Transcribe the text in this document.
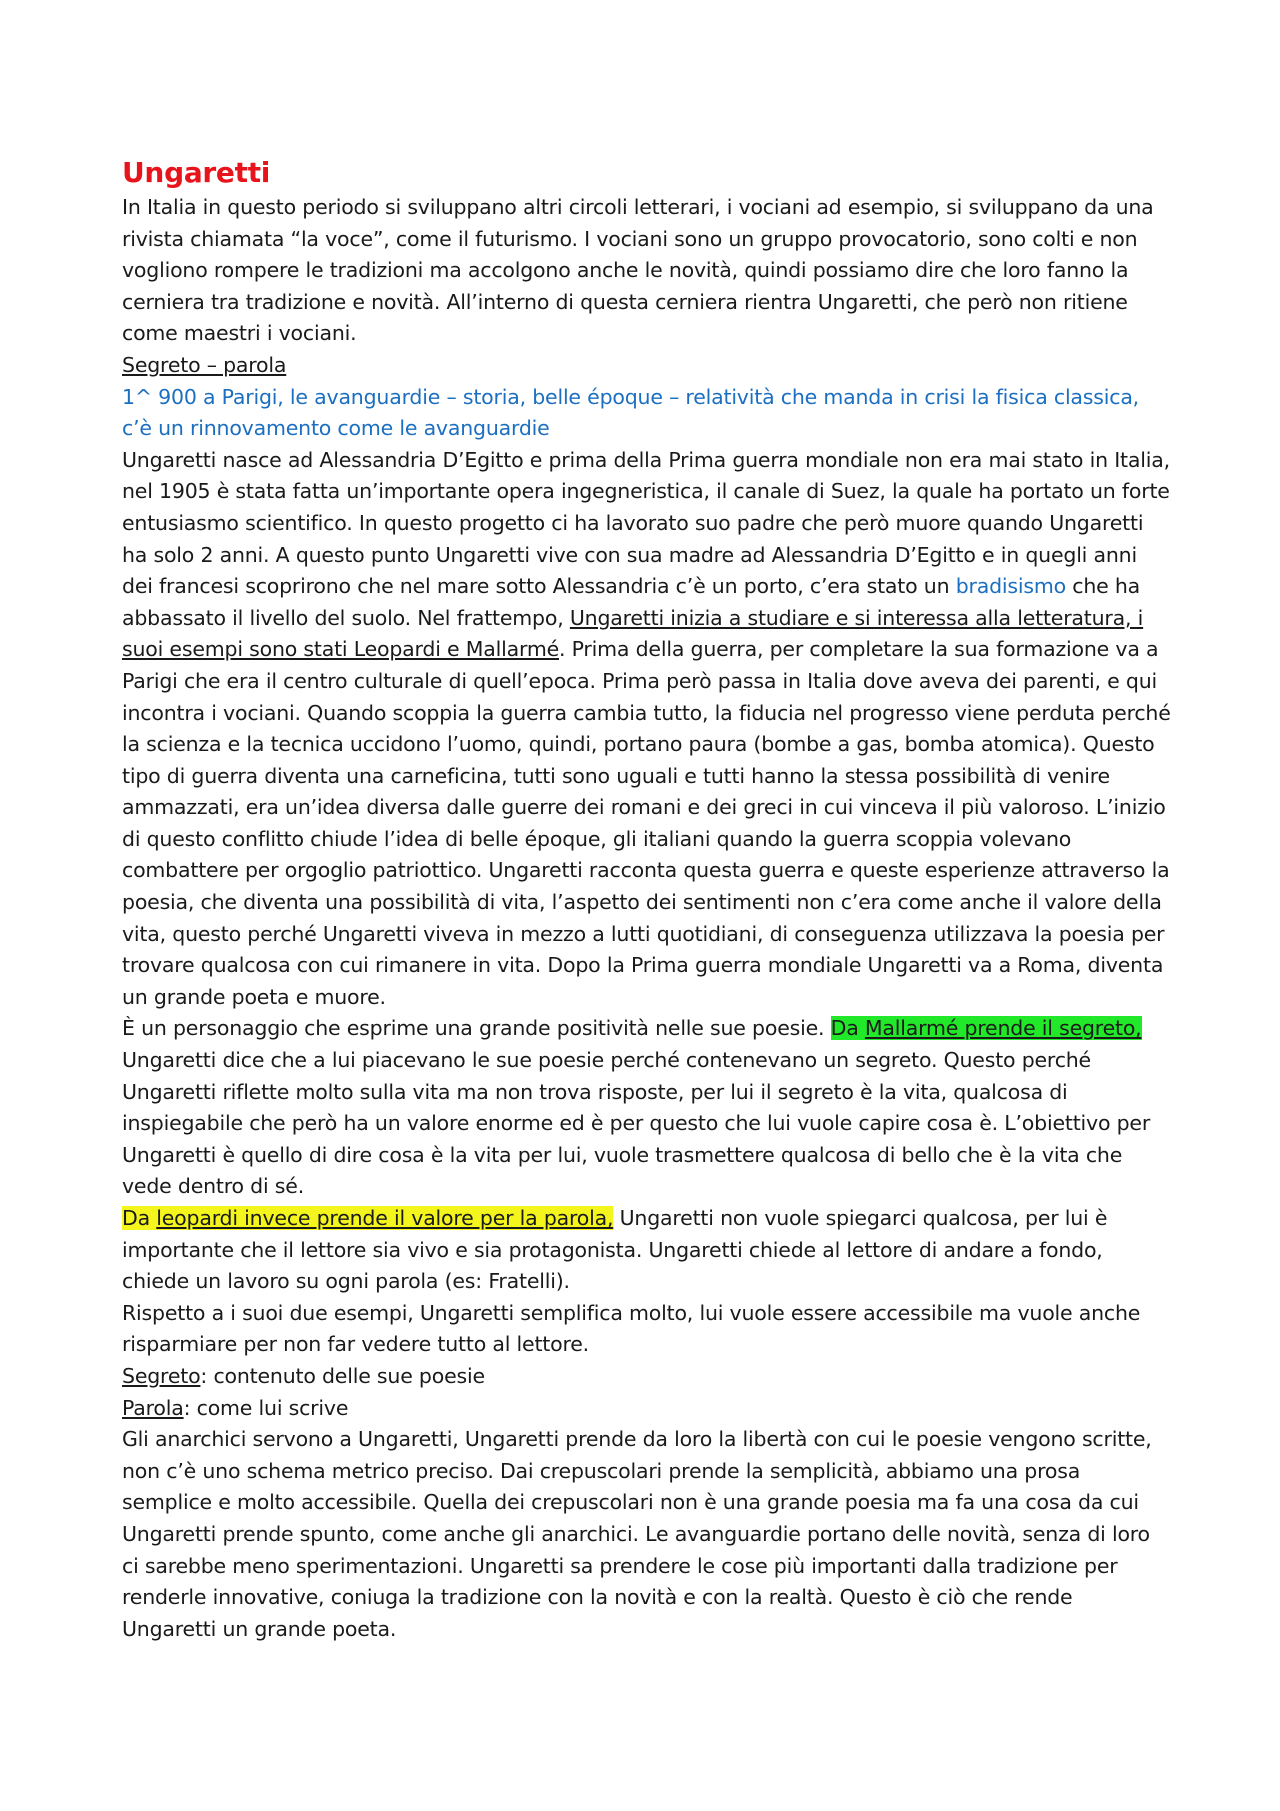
Ungaretti

In Italia in questo periodo si sviluppano altri circoli letterari, i vociani ad esempio, si sviluppano da una rivista chiamata “la voce”, come il futurismo. I vociani sono un gruppo provocatorio, sono colti e non vogliono rompere le tradizioni ma accolgono anche le novità, quindi possiamo dire che loro fanno la cerniera tra tradizione e novità. All’interno di questa cerniera rientra Ungaretti, che però non ritiene come maestri i vociani.

Segreto – parola

1^ 900 a Parigi, le avanguardie – storia, belle époque – relatività che manda in crisi la fisica classica, c’è un rinnovamento come le avanguardie

Ungaretti nasce ad Alessandria D’Egitto e prima della Prima guerra mondiale non era mai stato in Italia, nel 1905 è stata fatta un’importante opera ingegneristica, il canale di Suez, la quale ha portato un forte entusiasmo scientifico. In questo progetto ci ha lavorato suo padre che però muore quando Ungaretti ha solo 2 anni. A questo punto Ungaretti vive con sua madre ad Alessandria D’Egitto e in quegli anni dei francesi scoprirono che nel mare sotto Alessandria c’è un porto, c’era stato un bradisismo che ha abbassato il livello del suolo. Nel frattempo, Ungaretti inizia a studiare e si interessa alla letteratura, i suoi esempi sono stati Leopardi e Mallarmé. Prima della guerra, per completare la sua formazione va a Parigi che era il centro culturale di quell’epoca. Prima però passa in Italia dove aveva dei parenti, e qui incontra i vociani. Quando scoppia la guerra cambia tutto, la fiducia nel progresso viene perduta perché la scienza e la tecnica uccidono l’uomo, quindi, portano paura (bombe a gas, bomba atomica). Questo tipo di guerra diventa una carneficina, tutti sono uguali e tutti hanno la stessa possibilità di venire ammazzati, era un’idea diversa dalle guerre dei romani e dei greci in cui vinceva il più valoroso. L’inizio di questo conflitto chiude l’idea di belle époque, gli italiani quando la guerra scoppia volevano combattere per orgoglio patriottico. Ungaretti racconta questa guerra e queste esperienze attraverso la poesia, che diventa una possibilità di vita, l’aspetto dei sentimenti non c’era come anche il valore della vita, questo perché Ungaretti viveva in mezzo a lutti quotidiani, di conseguenza utilizzava la poesia per trovare qualcosa con cui rimanere in vita. Dopo la Prima guerra mondiale Ungaretti va a Roma, diventa un grande poeta e muore.

È un personaggio che esprime una grande positività nelle sue poesie. Da Mallarmé prende il segreto, Ungaretti dice che a lui piacevano le sue poesie perché contenevano un segreto. Questo perché Ungaretti riflette molto sulla vita ma non trova risposte, per lui il segreto è la vita, qualcosa di inspiegabile che però ha un valore enorme ed è per questo che lui vuole capire cosa è. L’obiettivo per Ungaretti è quello di dire cosa è la vita per lui, vuole trasmettere qualcosa di bello che è la vita che vede dentro di sé.

Da leopardi invece prende il valore per la parola, Ungaretti non vuole spiegarci qualcosa, per lui è importante che il lettore sia vivo e sia protagonista. Ungaretti chiede al lettore di andare a fondo, chiede un lavoro su ogni parola (es: Fratelli).

Rispetto a i suoi due esempi, Ungaretti semplifica molto, lui vuole essere accessibile ma vuole anche risparmiare per non far vedere tutto al lettore.

Segreto: contenuto delle sue poesie

Parola: come lui scrive

Gli anarchici servono a Ungaretti, Ungaretti prende da loro la libertà con cui le poesie vengono scritte, non c’è uno schema metrico preciso. Dai crepuscolari prende la semplicità, abbiamo una prosa semplice e molto accessibile. Quella dei crepuscolari non è una grande poesia ma fa una cosa da cui Ungaretti prende spunto, come anche gli anarchici. Le avanguardie portano delle novità, senza di loro ci sarebbe meno sperimentazioni. Ungaretti sa prendere le cose più importanti dalla tradizione per renderle innovative, coniuga la tradizione con la novità e con la realtà. Questo è ciò che rende Ungaretti un grande poeta.
